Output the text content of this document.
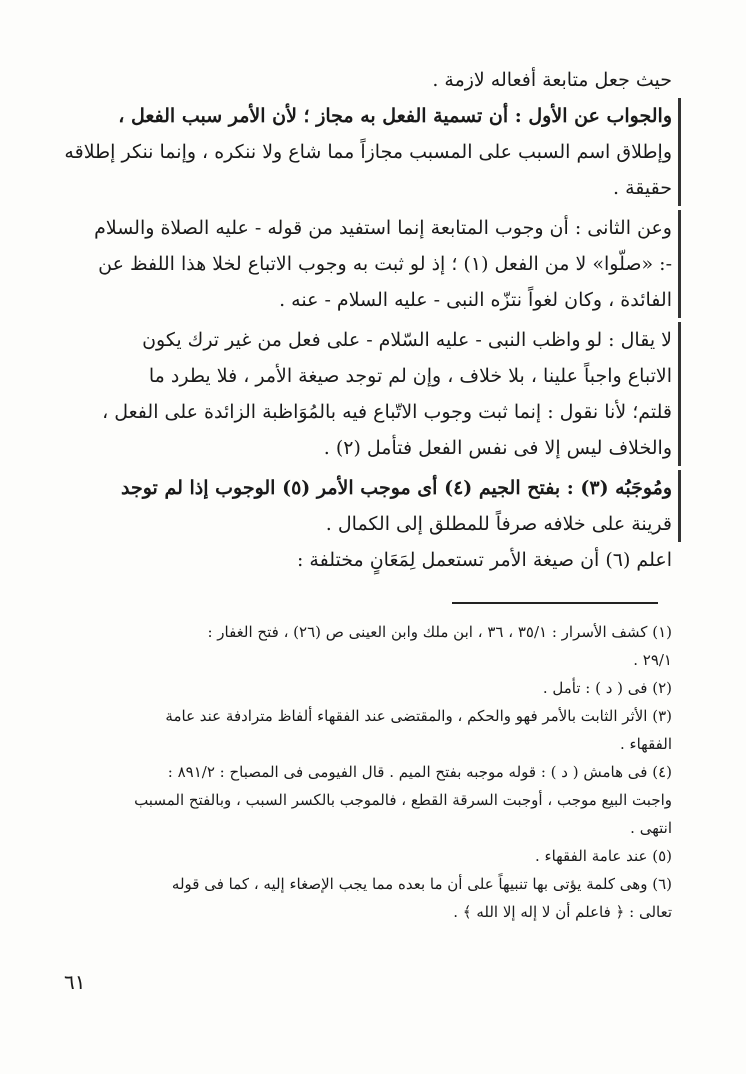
حيث جعل متابعة أفعاله لازمة .
والجواب عن الأول : أن تسمية الفعل به مجاز ؛ لأن الأمر سبب الفعل ،
وإطلاق اسم السبب على المسبب مجازاً مما شاع ولا ننكره ، وإنما ننكر إطلاقه
حقيقة .
وعن الثانى : أن وجوب المتابعة إنما استفيد من قوله - عليه الصلاة والسلام
-: «صلّوا» لا من الفعل (١) ؛ إذ لو ثبت به وجوب الاتباع لخلا هذا اللفظ عن
الفائدة ، وكان لغواً نتزّه النبى - عليه السلام - عنه .
لا يقال : لو واظب النبى - عليه السّلام - على فعل من غير ترك يكون
الاتباع واجباً علينا ، بلا خلاف ، وإن لم توجد صيغة الأمر ، فلا يطرد ما
قلتم؛ لأنا نقول : إنما ثبت وجوب الاتّباع فيه بالمُوَاظبة الزائدة على الفعل ،
والخلاف ليس إلا فى نفس الفعل فتأمل (٢) .
ومُوجَبُه (٣) : بفتح الجيم (٤) أى موجب الأمر (٥) الوجوب إذا لم توجد
قرينة على خلافه صرفاً للمطلق إلى الكمال .
اعلم (٦) أن صيغة الأمر تستعمل لِمَعَانٍ مختلفة :
(١) كشف الأسرار : ٣٥/١ ، ٣٦ ، ابن ملك وابن العينى ص (٢٦) ، فتح الغفار :
٢٩/١ .
(٢) فى ( د ) : تأمل .
(٣) الأثر الثابت بالأمر فهو والحكم ، والمقتضى عند الفقهاء ألفاظ مترادفة عند عامة
الفقهاء .
(٤) فى هامش ( د ) : قوله موجبه بفتح الميم . قال الفيومى فى المصباح : ٨٩١/٢ :
واجبت البيع موجب ، أوجبت السرقة القطع ، فالموجب بالكسر السبب ، وبالفتح المسبب
انتهى .
(٥) عند عامة الفقهاء .
(٦) وهى كلمة يؤتى بها تنبيهاً على أن ما بعده مما يجب الإصغاء إليه ، كما فى قوله
تعالى : ﴿ فاعلم أن لا إله إلا الله ﴾ .
٦١
